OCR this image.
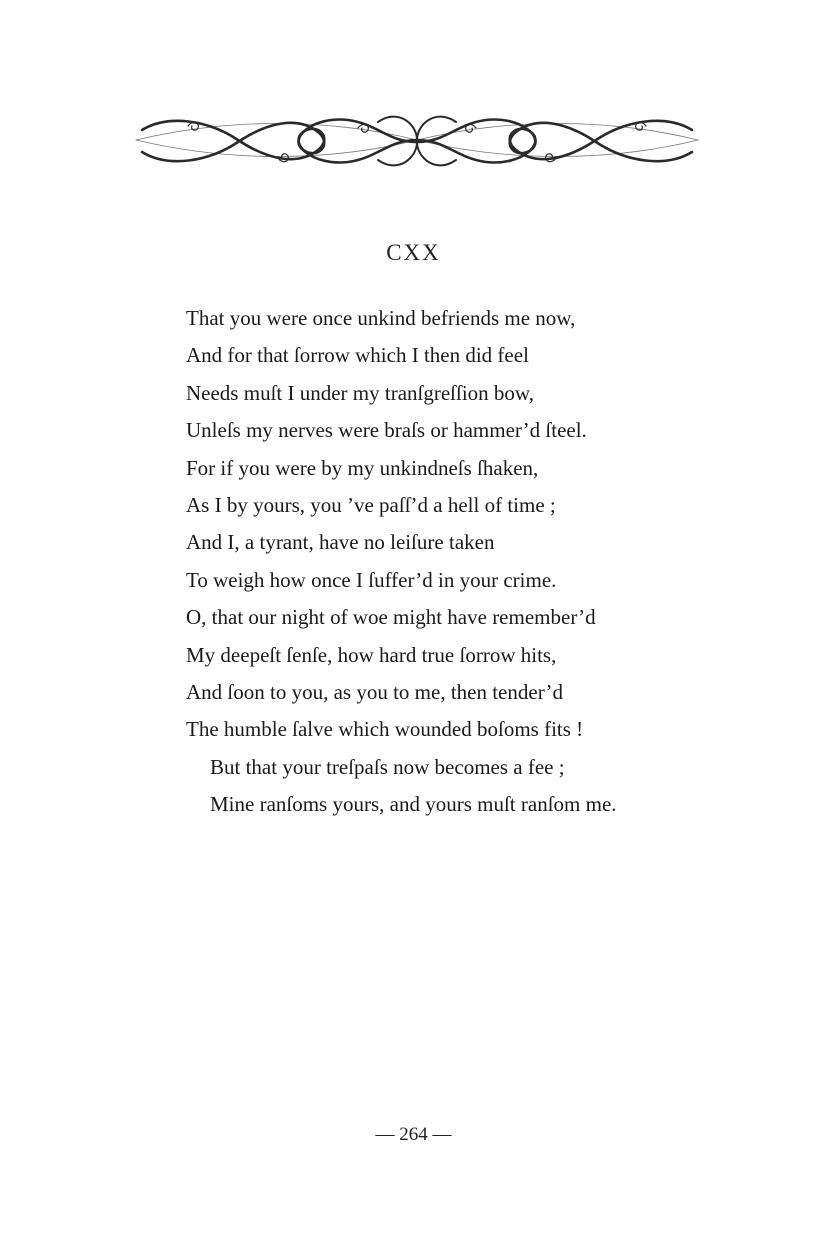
CXX
That you were once unkind befriends me now,
And for that ſorrow which I then did feel
Needs muſt I under my tranſgreſſion bow,
Unleſs my nerves were braſs or hammer’d ſteel.
For if you were by my unkindneſs ſhaken,
As I by yours, you ’ve paſſ’d a hell of time ;
And I, a tyrant, have no leiſure taken
To weigh how once I ſuffer’d in your crime.
O, that our night of woe might have remember’d
My deepeſt ſenſe, how hard true ſorrow hits,
And ſoon to you, as you to me, then tender’d
The humble ſalve which wounded boſoms fits !
But that your treſpaſs now becomes a fee ;
Mine ranſoms yours, and yours muſt ranſom me.
— 264 —
